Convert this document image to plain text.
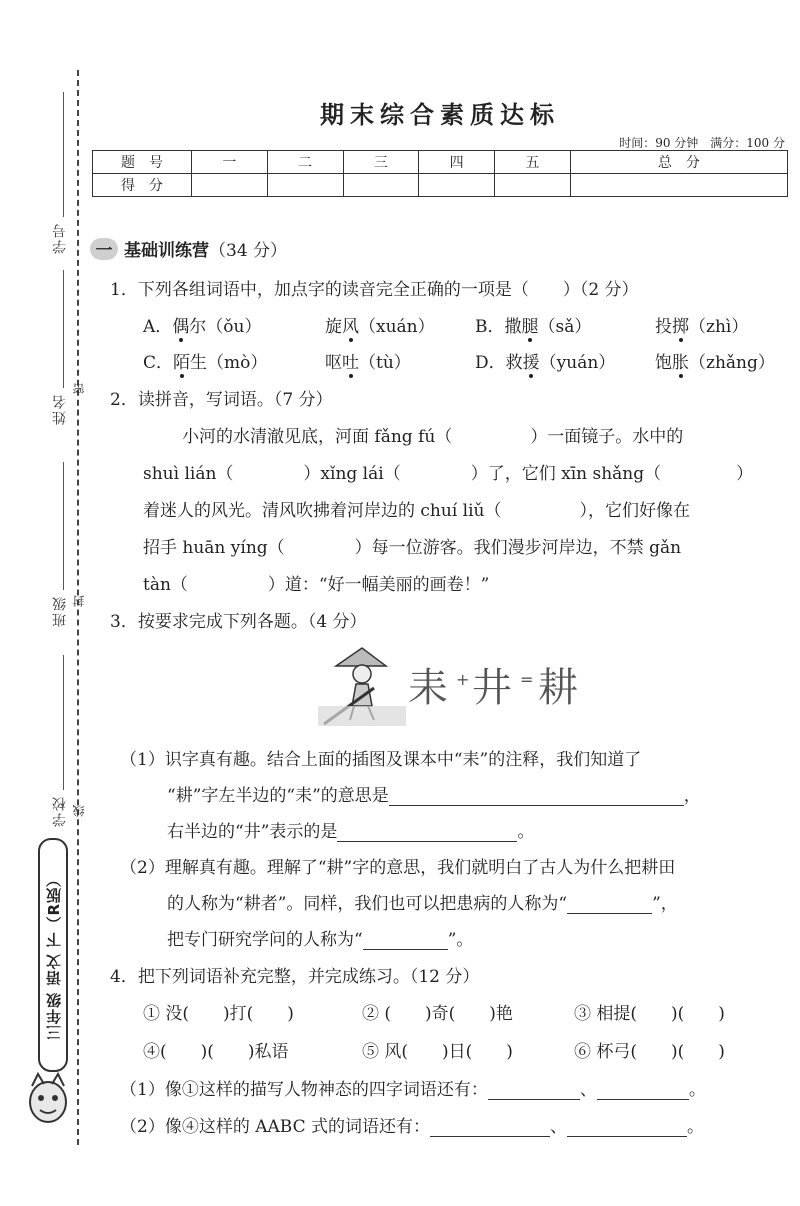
学号
姓名
密
班级 封
学校 线
三年级 语文 下（R版）
期末综合素质达标
时间：90 分钟　满分：100 分
题　号	一	二	三	四	五	总　分
得　分						
一 基础训练营 （34 分）
1．下列各组词语中，加点字的读音完全正确的一项是（　　）（2 分）
A．偶尔（ǒu）	旋风（xuán） B．撒腿（sǎ）	投掷（zhì）
C．陌生（mò）	呕吐（tù）	D．救援（yuán） 饱胀（zhǎng）
2．读拼音，写词语。（7 分）
小河的水清澈见底，河面 fǎng fú（	）一面镜子。水中的
shuì lián（	）xǐng lái（	）了，它们 xīn shǎng（	）
着迷人的风光。清风吹拂着河岸边的 chuí liǔ（	），它们好像在
招手 huān yíng（	）每一位游客。我们漫步河岸边，不禁 gǎn
tàn（	）道：“好一幅美丽的画卷！”
3．按要求完成下列各题。（4 分）
耒 + 井 = 耕
（1）识字真有趣。结合上面的插图及课本中“耒”的注释，我们知道了
“耕”字左半边的“耒”的意思是	，
右半边的“井”表示的是	。
（2）理解真有趣。理解了“耕”字的意思，我们就明白了古人为什么把耕田
的人称为“耕者”。同样，我们也可以把患病的人称为“	”，
把专门研究学问的人称为“	”。
4．把下列词语补充完整，并完成练习。（12 分）
① 没(　　)打(　　)	② (　　)奇(　　)艳	③ 相提(　　)(　　)
④(　　)(　　)私语	⑤ 风(　　)日(　　)	⑥ 杯弓(　　)(　　)
（1）像①这样的描写人物神态的四字词语还有：	、	。
（2）像④这样的 AABC 式的词语还有：	、	。
